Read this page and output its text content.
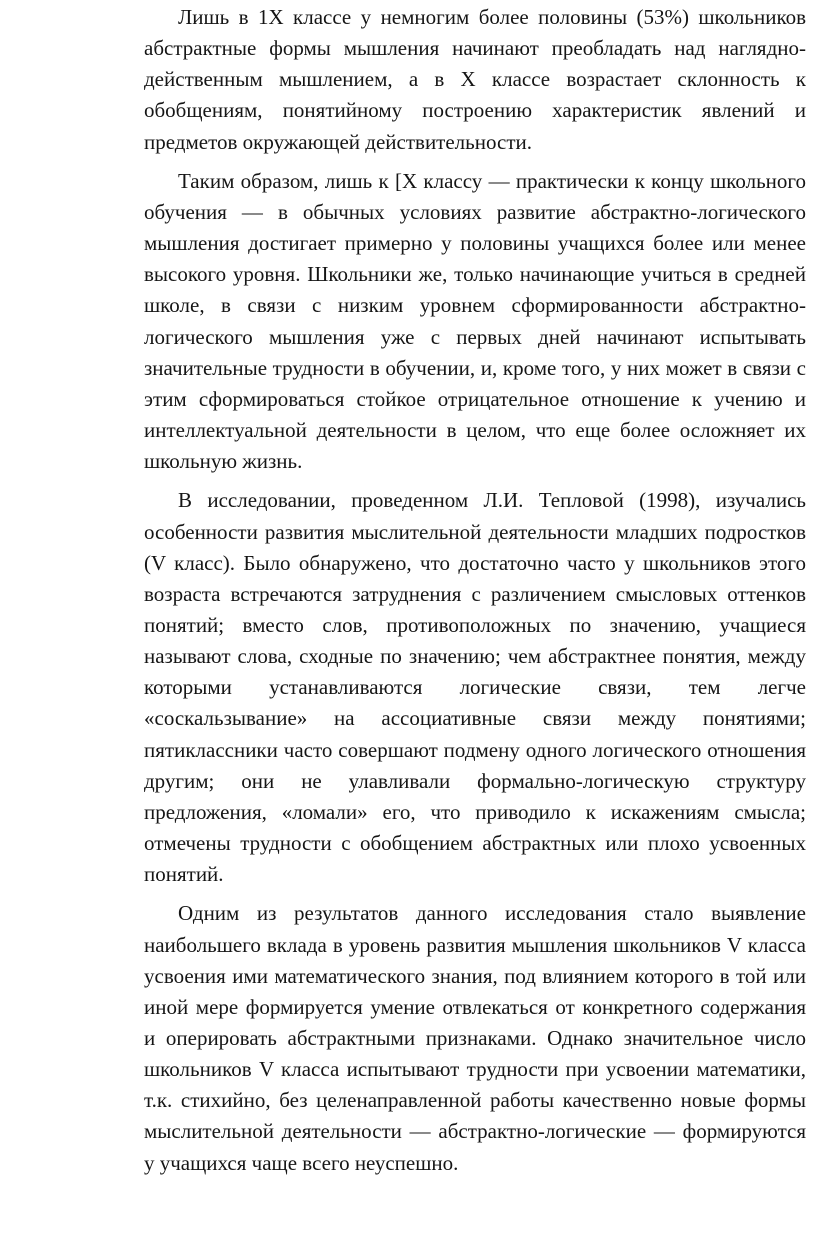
Лишь в 1X классе у немногим более половины (53%) школьников абстрактные формы мышления начинают преобладать над наглядно-действенным мышлением, а в X классе возрастает склонность к обобщениям, понятийному построению характеристик явлений и предметов окружающей действительности.

Таким образом, лишь к [X классу — практически к концу школьного обучения — в обычных условиях развитие абстрактно-логического мышления достигает примерно у половины учащихся более или менее высокого уровня. Школьники же, только начинающие учиться в средней школе, в связи с низким уровнем сформированности абстрактно-логического мышления уже с первых дней начинают испытывать значительные трудности в обучении, и, кроме того, у них может в связи с этим сформироваться стойкое отрицательное отношение к учению и интеллектуальной деятельности в целом, что еще более осложняет их школьную жизнь.

В исследовании, проведенном Л.И. Тепловой (1998), изучались особенности развития мыслительной деятельности младших подростков (V класс). Было обнаружено, что достаточно часто у школьников этого возраста встречаются затруднения с различением смысловых оттенков понятий; вместо слов, противоположных по значению, учащиеся называют слова, сходные по значению; чем абстрактнее понятия, между которыми устанавливаются логические связи, тем легче «соскальзывание» на ассоциативные связи между понятиями; пятиклассники часто совершают подмену одного логического отношения другим; они не улавливали формально-логическую структуру предложения, «ломали» его, что приводило к искажениям смысла; отмечены трудности с обобщением абстрактных или плохо усвоенных понятий.

Одним из результатов данного исследования стало выявление наибольшего вклада в уровень развития мышления школьников V класса усвоения ими математического знания, под влиянием которого в той или иной мере формируется умение отвлекаться от конкретного содержания и оперировать абстрактными признаками. Однако значительное число школьников V класса испытывают трудности при усвоении математики, т.к. стихийно, без целенаправленной работы качественно новые формы мыслительной деятельности — абстрактно-логические — формируются у учащихся чаще всего неуспешно.
